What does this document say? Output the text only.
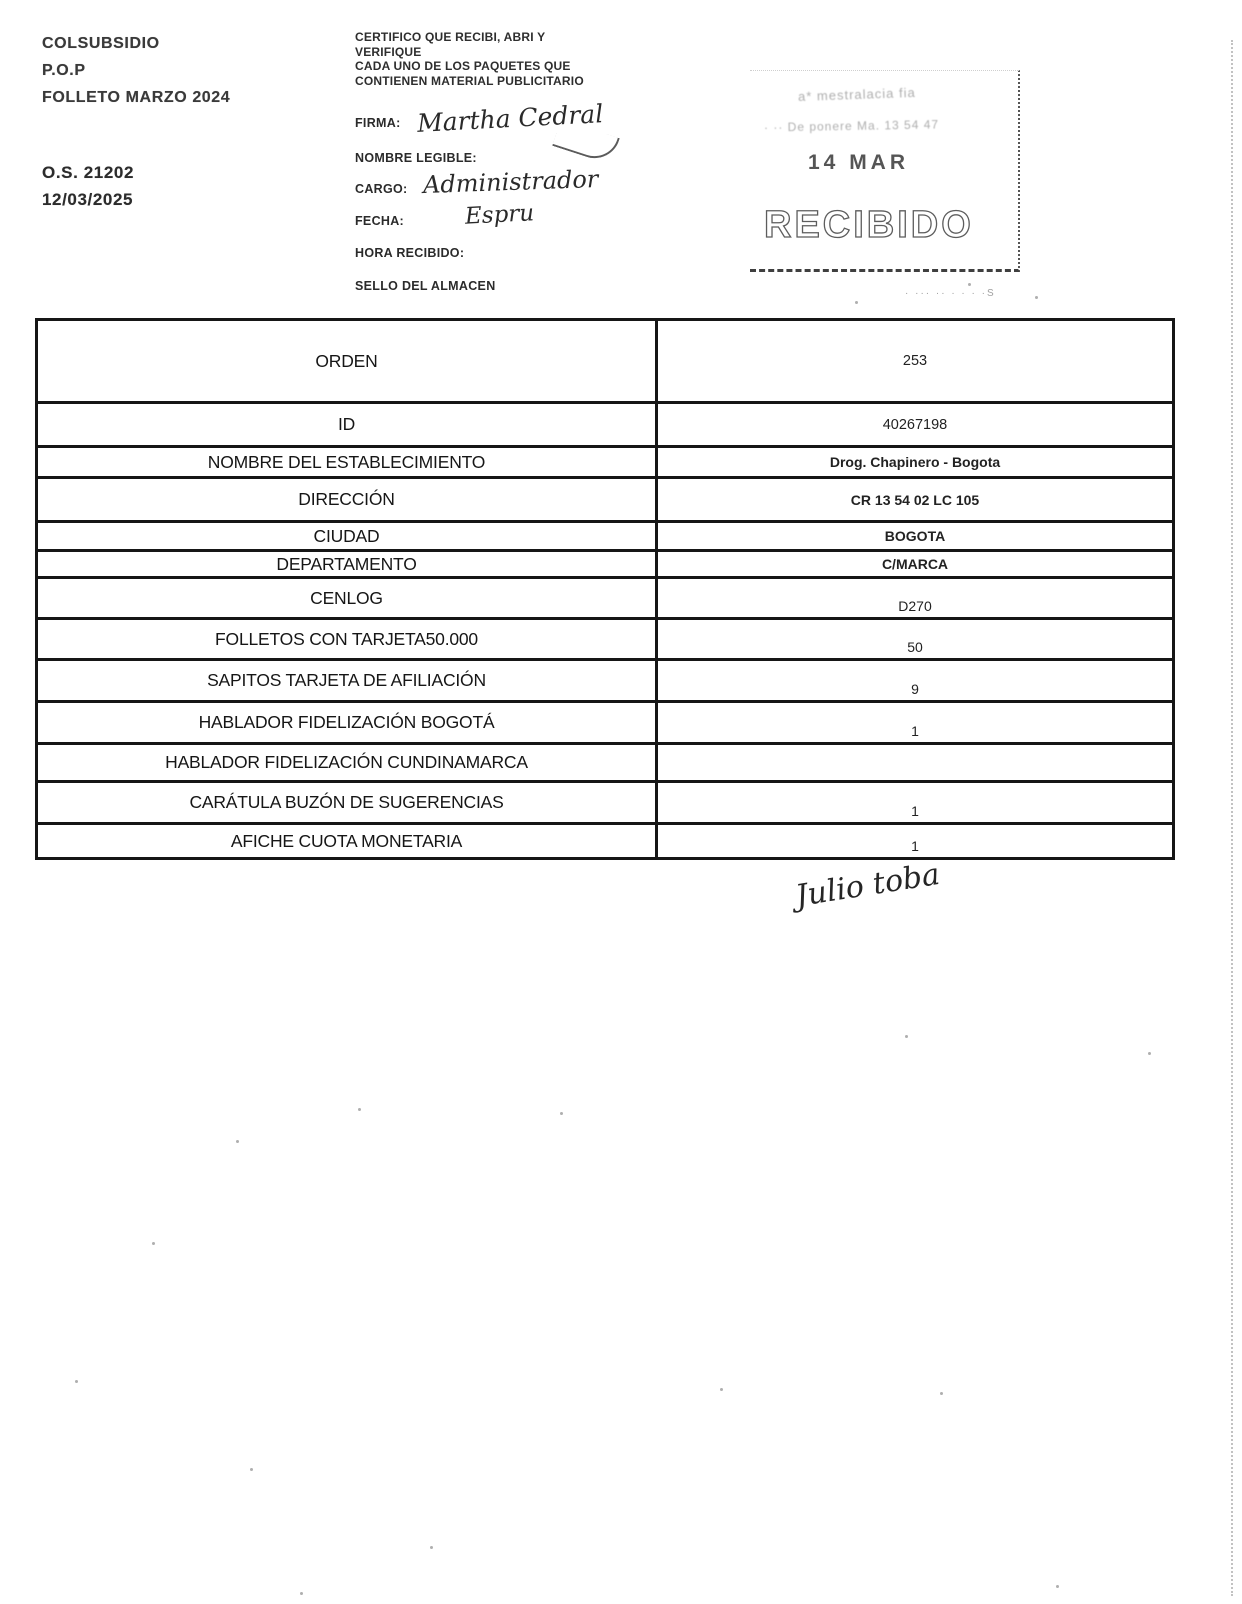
COLSUBSIDIO
P.O.P
FOLLETO MARZO 2024
O.S. 21202
12/03/2025
CERTIFICO QUE RECIBI, ABRI Y
VERIFIQUE
CADA UNO DE LOS PAQUETES QUE
CONTIENEN MATERIAL PUBLICITARIO
FIRMA: Martha Cedral
NOMBRE LEGIBLE:
CARGO: Administrador
FECHA:	Espru
HORA RECIBIDO:
SELLO DEL ALMACEN
a* mestralacia fia
· ·· De ponere Ma. 13 54 47
14 MAR
RECIBIDO
· ··· ·· · · · ·S
ORDEN	253
ID	40267198
NOMBRE DEL ESTABLECIMIENTO	Drog. Chapinero - Bogota
DIRECCIÓN	CR 13 54 02 LC 105
CIUDAD	BOGOTA
DEPARTAMENTO	C/MARCA
CENLOG	D270
FOLLETOS CON TARJETA50.000	50
SAPITOS TARJETA DE AFILIACIÓN	9
HABLADOR FIDELIZACIÓN BOGOTÁ	1
HABLADOR FIDELIZACIÓN CUNDINAMARCA
CARÁTULA BUZÓN DE SUGERENCIAS	1
AFICHE CUOTA MONETARIA	1
Julio toba
